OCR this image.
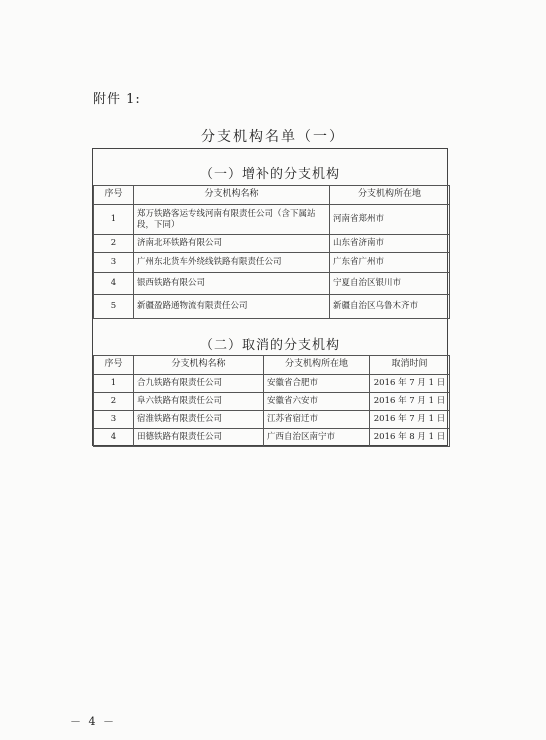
附件 1:
分支机构名单（一）
（一）增补的分支机构
序号	分支机构名称	分支机构所在地
1	郑万铁路客运专线河南有限责任公司（含下属站段，下同）	河南省郑州市
2	济南北环铁路有限公司	山东省济南市
3	广州东北货车外绕线铁路有限责任公司	广东省广州市
4	银西铁路有限公司	宁夏自治区银川市
5	新疆盈路通物流有限责任公司	新疆自治区乌鲁木齐市
（二）取消的分支机构
序号	分支机构名称	分支机构所在地	取消时间
1	合九铁路有限责任公司	安徽省合肥市	2016 年 7 月 1 日
2	阜六铁路有限责任公司	安徽省六安市	2016 年 7 月 1 日
3	宿淮铁路有限责任公司	江苏省宿迁市	2016 年 7 月 1 日
4	田德铁路有限责任公司	广西自治区南宁市	2016 年 8 月 1 日
－ 4 －
